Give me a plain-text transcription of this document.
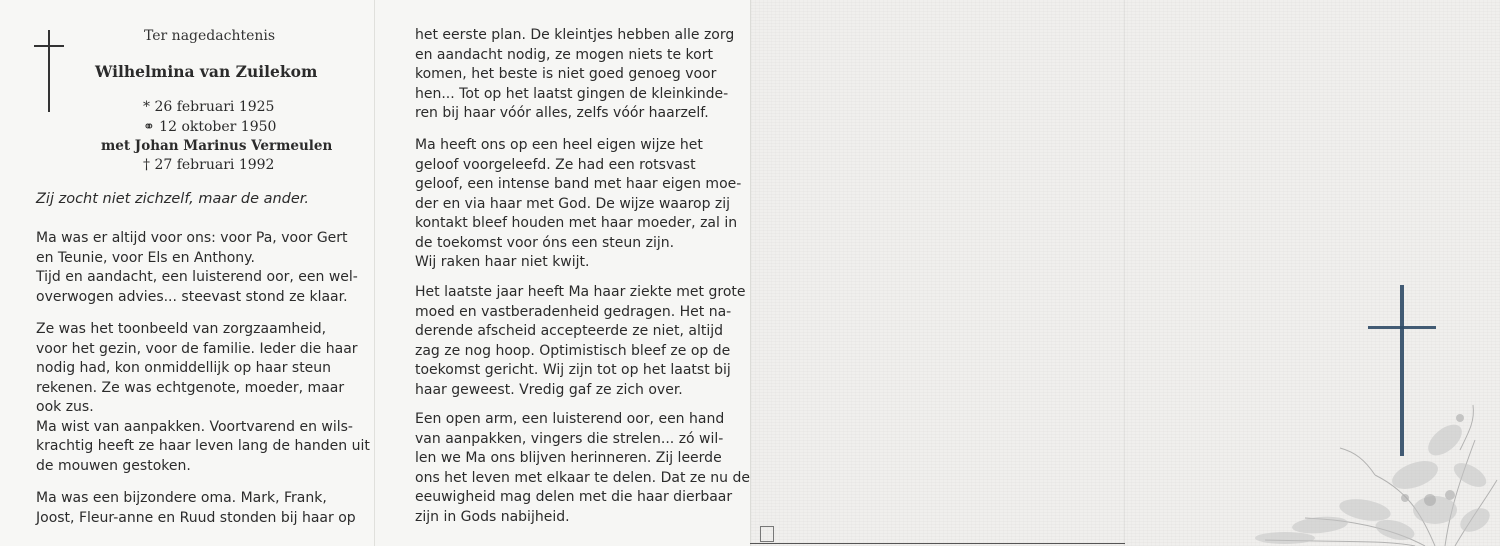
Ter nagedachtenis
Wilhelmina van Zuilekom
* 26 februari 1925
⚭ 12 oktober 1950
met Johan Marinus Vermeulen
† 27 februari 1992
Zij zocht niet zichzelf, maar de ander.
Ma was er altijd voor ons: voor Pa, voor Gert
en Teunie, voor Els en Anthony.
Tijd en aandacht, een luisterend oor, een wel-
overwogen advies... steevast stond ze klaar.
Ze was het toonbeeld van zorgzaamheid,
voor het gezin, voor de familie. Ieder die haar
nodig had, kon onmiddellijk op haar steun
rekenen. Ze was echtgenote, moeder, maar
ook zus.
Ma wist van aanpakken. Voortvarend en wils-
krachtig heeft ze haar leven lang de handen uit
de mouwen gestoken.
Ma was een bijzondere oma. Mark, Frank,
Joost, Fleur-anne en Ruud stonden bij haar op
het eerste plan. De kleintjes hebben alle zorg
en aandacht nodig, ze mogen niets te kort
komen, het beste is niet goed genoeg voor
hen... Tot op het laatst gingen de kleinkinde-
ren bij haar vóór alles, zelfs vóór haarzelf.
Ma heeft ons op een heel eigen wijze het
geloof voorgeleefd. Ze had een rotsvast
geloof, een intense band met haar eigen moe-
der en via haar met God. De wijze waarop zij
kontakt bleef houden met haar moeder, zal in
de toekomst voor óns een steun zijn.
Wij raken haar niet kwijt.
Het laatste jaar heeft Ma haar ziekte met grote
moed en vastberadenheid gedragen. Het na-
derende afscheid accepteerde ze niet, altijd
zag ze nog hoop. Optimistisch bleef ze op de
toekomst gericht. Wij zijn tot op het laatst bij
haar geweest. Vredig gaf ze zich over.
Een open arm, een luisterend oor, een hand
van aanpakken, vingers die strelen... zó wil-
len we Ma ons blijven herinneren. Zij leerde
ons het leven met elkaar te delen. Dat ze nu de
eeuwigheid mag delen met die haar dierbaar
zijn in Gods nabijheid.
